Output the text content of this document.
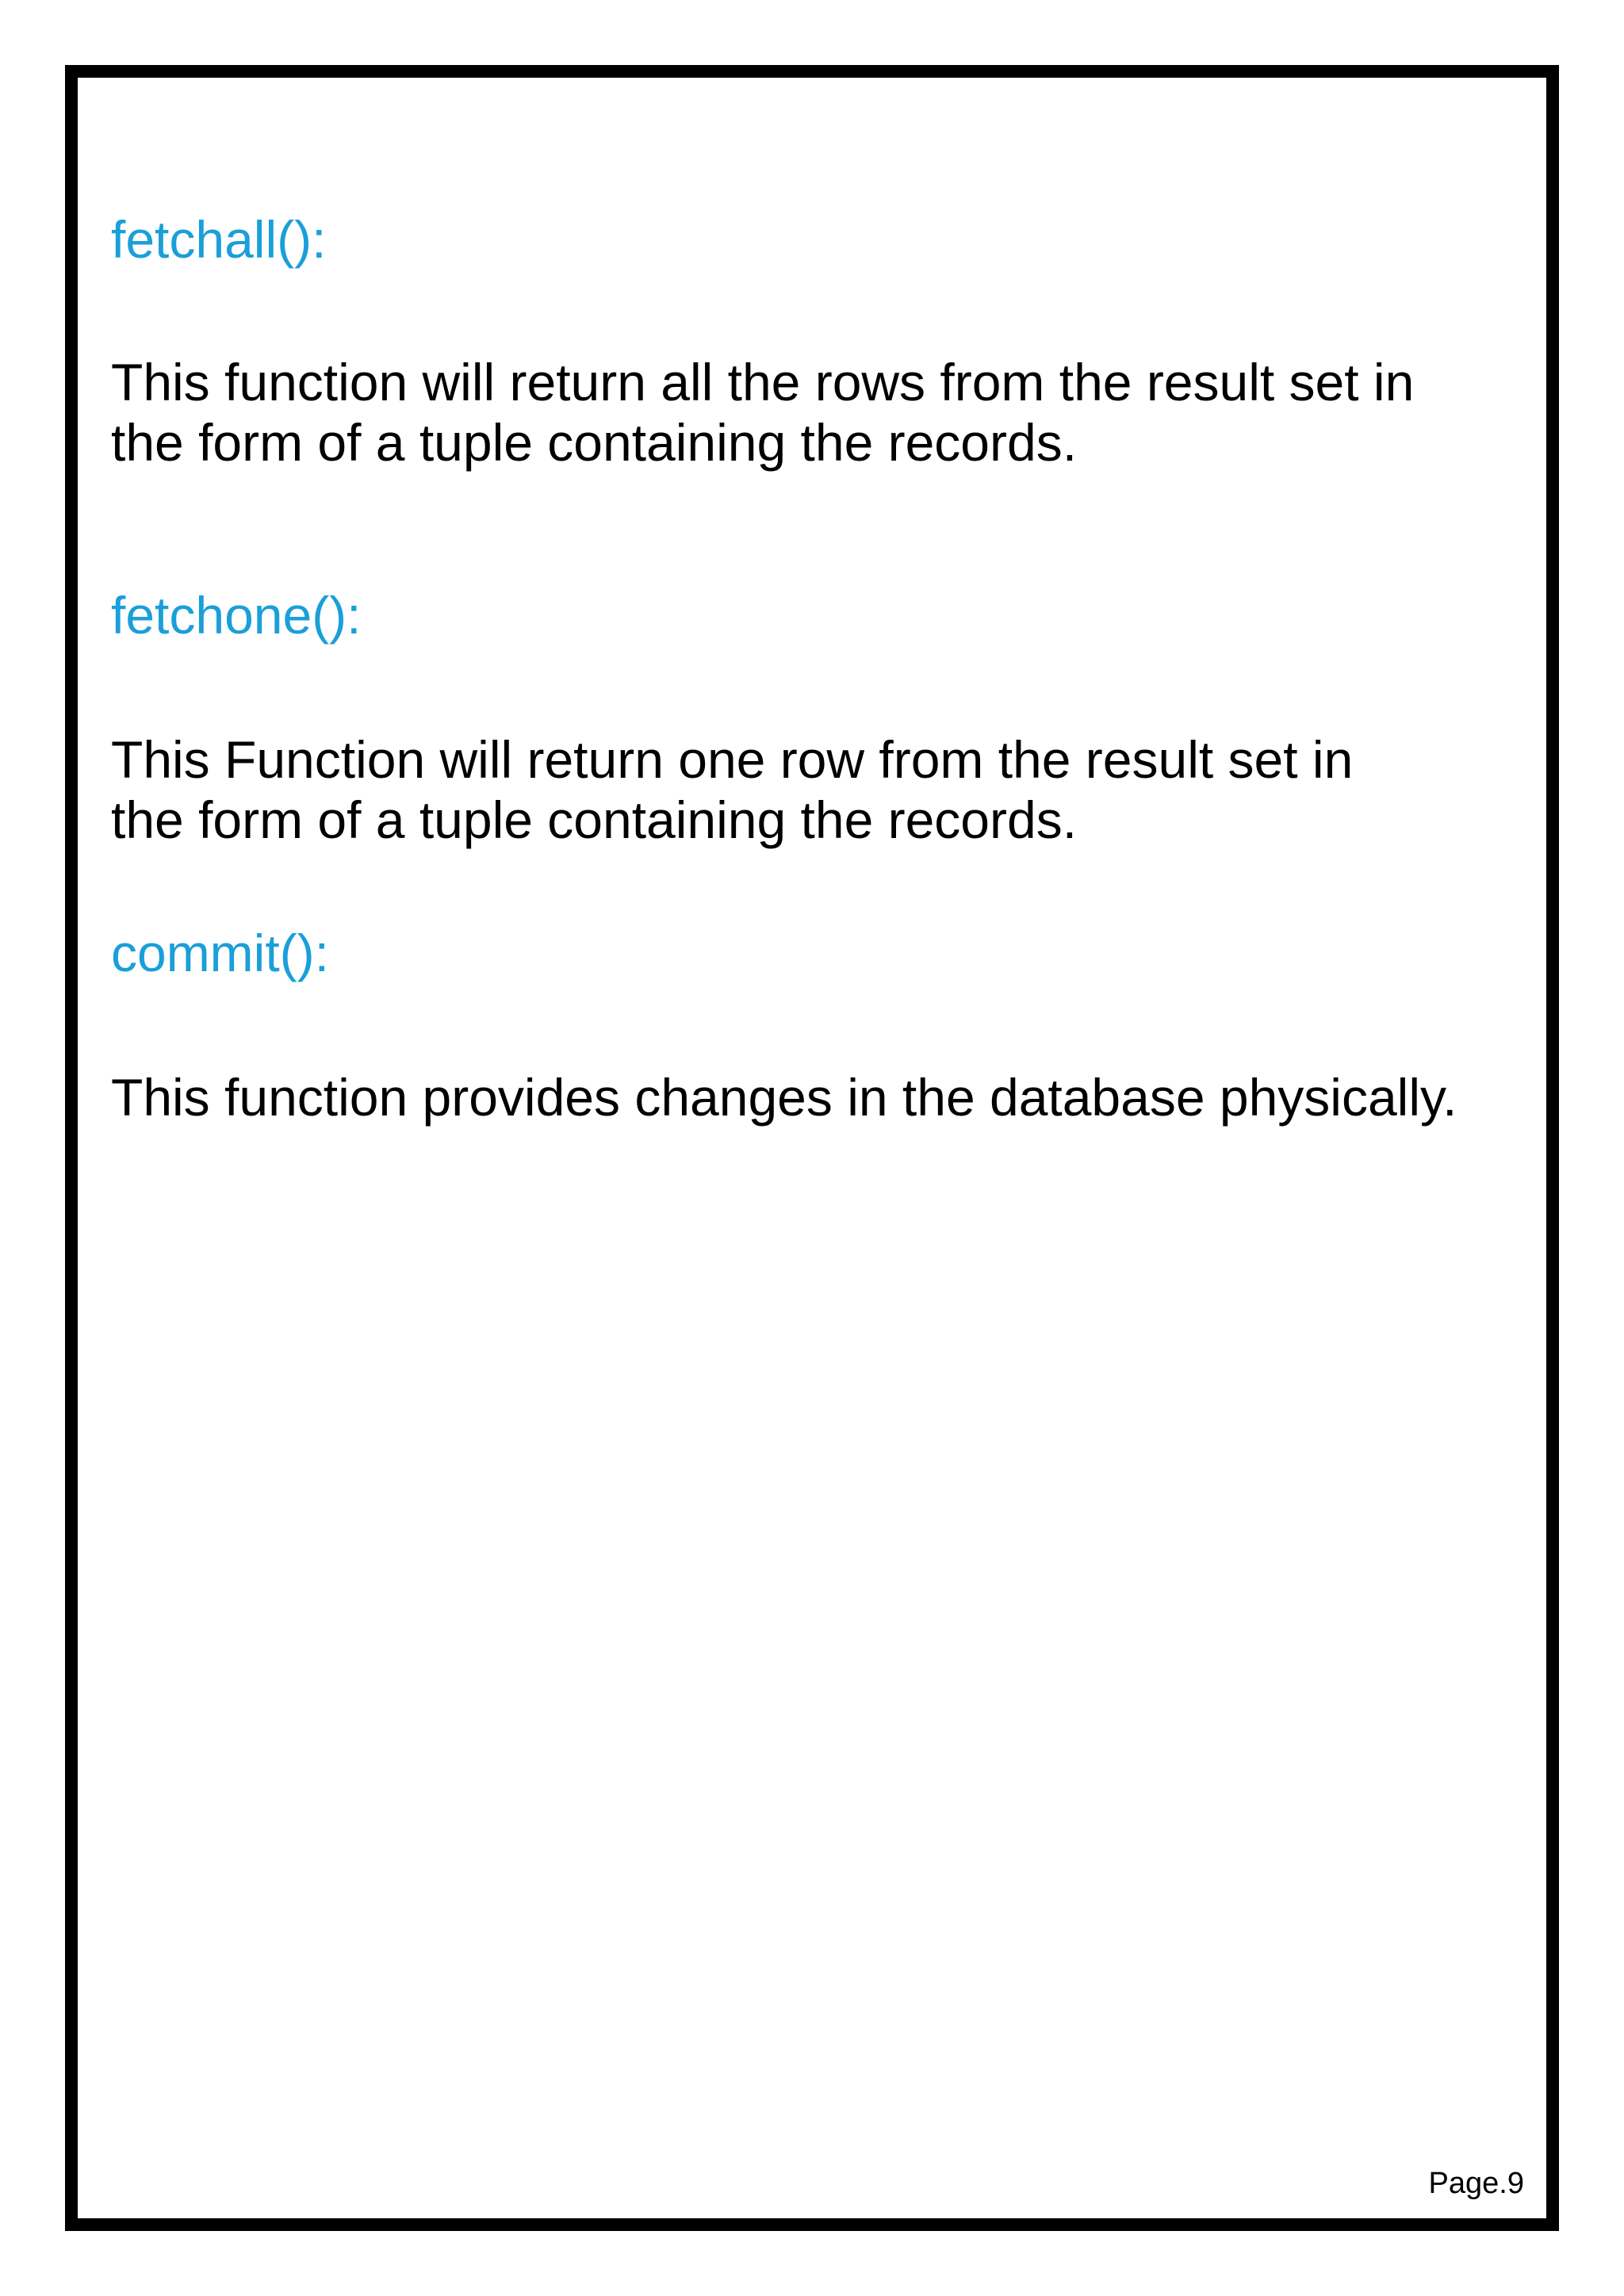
fetchall():

This function will return all the rows from the result set in
the form of a tuple containing the records.

fetchone():

This Function will return one row from the result set in
the form of a tuple containing the records.

commit():

This function provides changes in the database physically.

Page.9
